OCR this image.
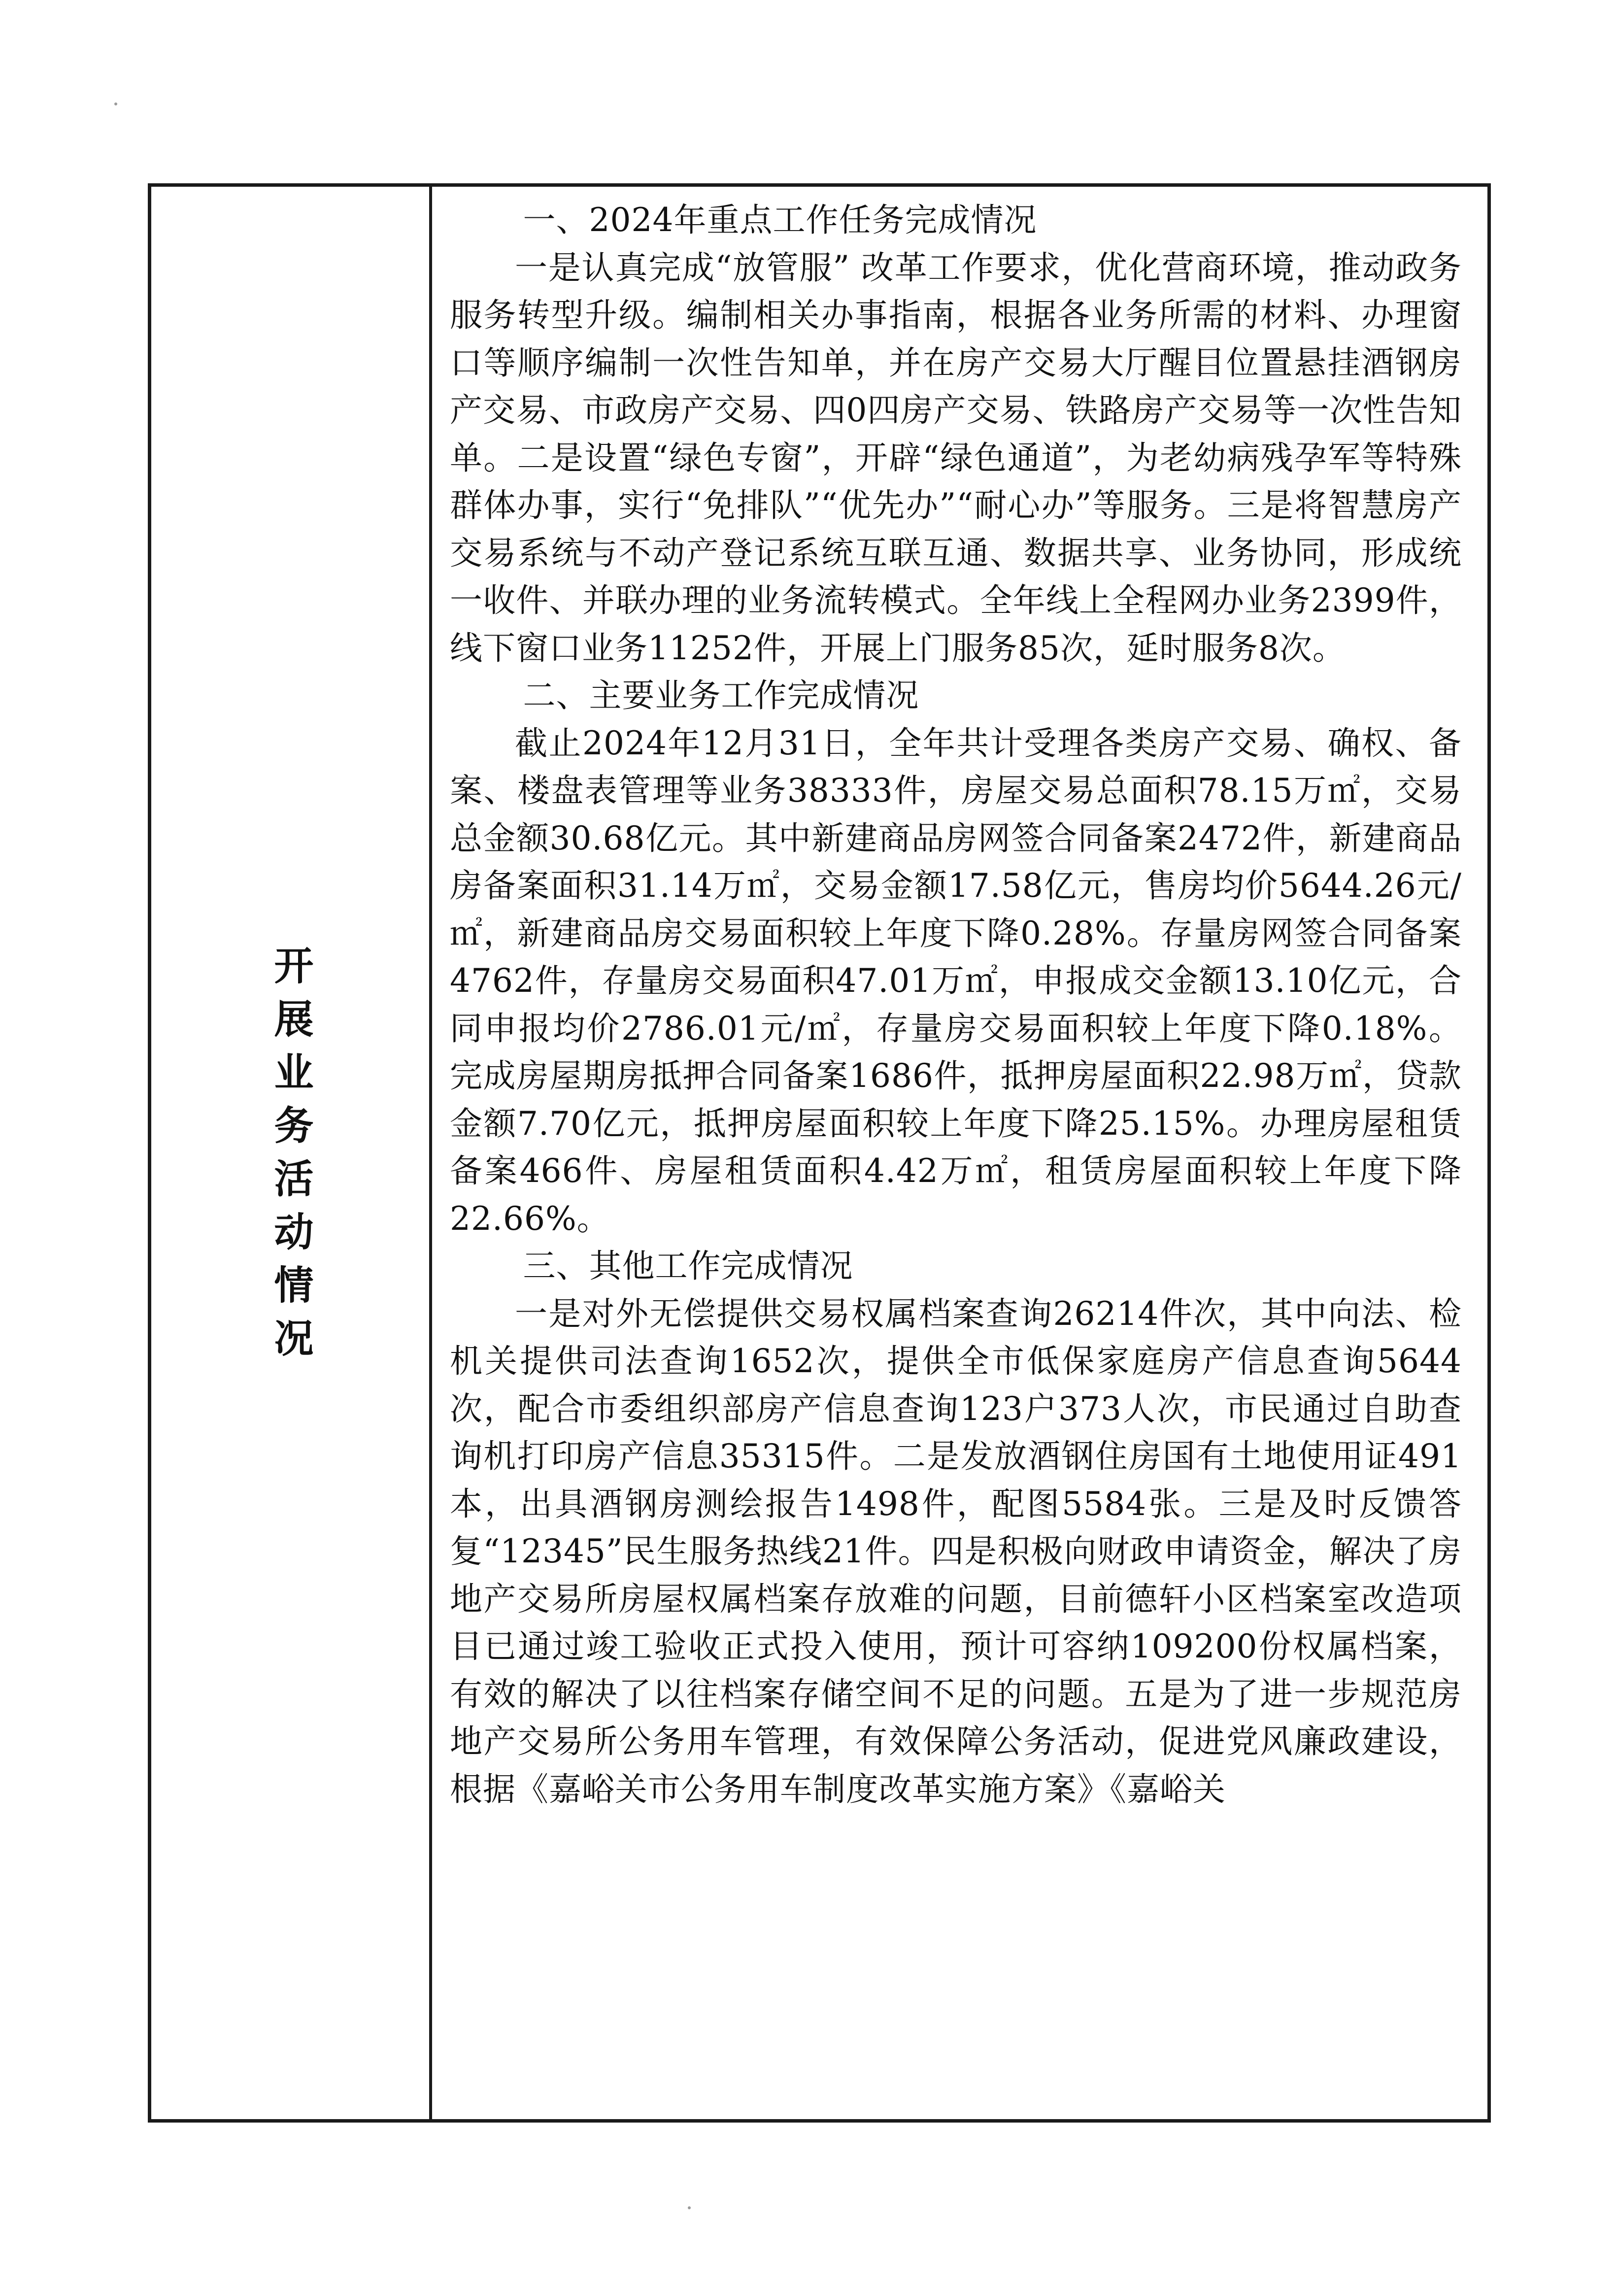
开展业务活动情况

一、2024年重点工作任务完成情况

一是认真完成“放管服” 改革工作要求，优化营商环境，推动政务服务转型升级。编制相关办事指南，根据各业务所需的材料、办理窗口等顺序编制一次性告知单，并在房产交易大厅醒目位置悬挂酒钢房产交易、市政房产交易、四0四房产交易、铁路房产交易等一次性告知单。二是设置“绿色专窗”，开辟“绿色通道”，为老幼病残孕军等特殊群体办事，实行“免排队”“优先办”“耐心办”等服务。三是将智慧房产交易系统与不动产登记系统互联互通、数据共享、业务协同，形成统一收件、并联办理的业务流转模式。全年线上全程网办业务2399件，线下窗口业务11252件，开展上门服务85次，延时服务8次。

二、主要业务工作完成情况

截止2024年12月31日，全年共计受理各类房产交易、确权、备案、楼盘表管理等业务38333件，房屋交易总面积78.15万㎡，交易总金额30.68亿元。其中新建商品房网签合同备案2472件，新建商品房备案面积31.14万㎡，交易金额17.58亿元，售房均价5644.26元/㎡，新建商品房交易面积较上年度下降0.28%。存量房网签合同备案4762件，存量房交易面积47.01万㎡，申报成交金额13.10亿元，合同申报均价2786.01元/㎡，存量房交易面积较上年度下降0.18%。完成房屋期房抵押合同备案1686件，抵押房屋面积22.98万㎡，贷款金额7.70亿元，抵押房屋面积较上年度下降25.15%。办理房屋租赁备案466件、房屋租赁面积4.42万㎡，租赁房屋面积较上年度下降22.66%。

三、其他工作完成情况

一是对外无偿提供交易权属档案查询26214件次，其中向法、检机关提供司法查询1652次，提供全市低保家庭房产信息查询5644次，配合市委组织部房产信息查询123户373人次，市民通过自助查询机打印房产信息35315件。二是发放酒钢住房国有土地使用证491本，出具酒钢房测绘报告1498件，配图5584张。三是及时反馈答复“12345”民生服务热线21件。四是积极向财政申请资金，解决了房地产交易所房屋权属档案存放难的问题，目前德轩小区档案室改造项目已通过竣工验收正式投入使用，预计可容纳109200份权属档案，有效的解决了以往档案存储空间不足的问题。五是为了进一步规范房地产交易所公务用车管理，有效保障公务活动，促进党风廉政建设，根据《嘉峪关市公务用车制度改革实施方案》《嘉峪关
